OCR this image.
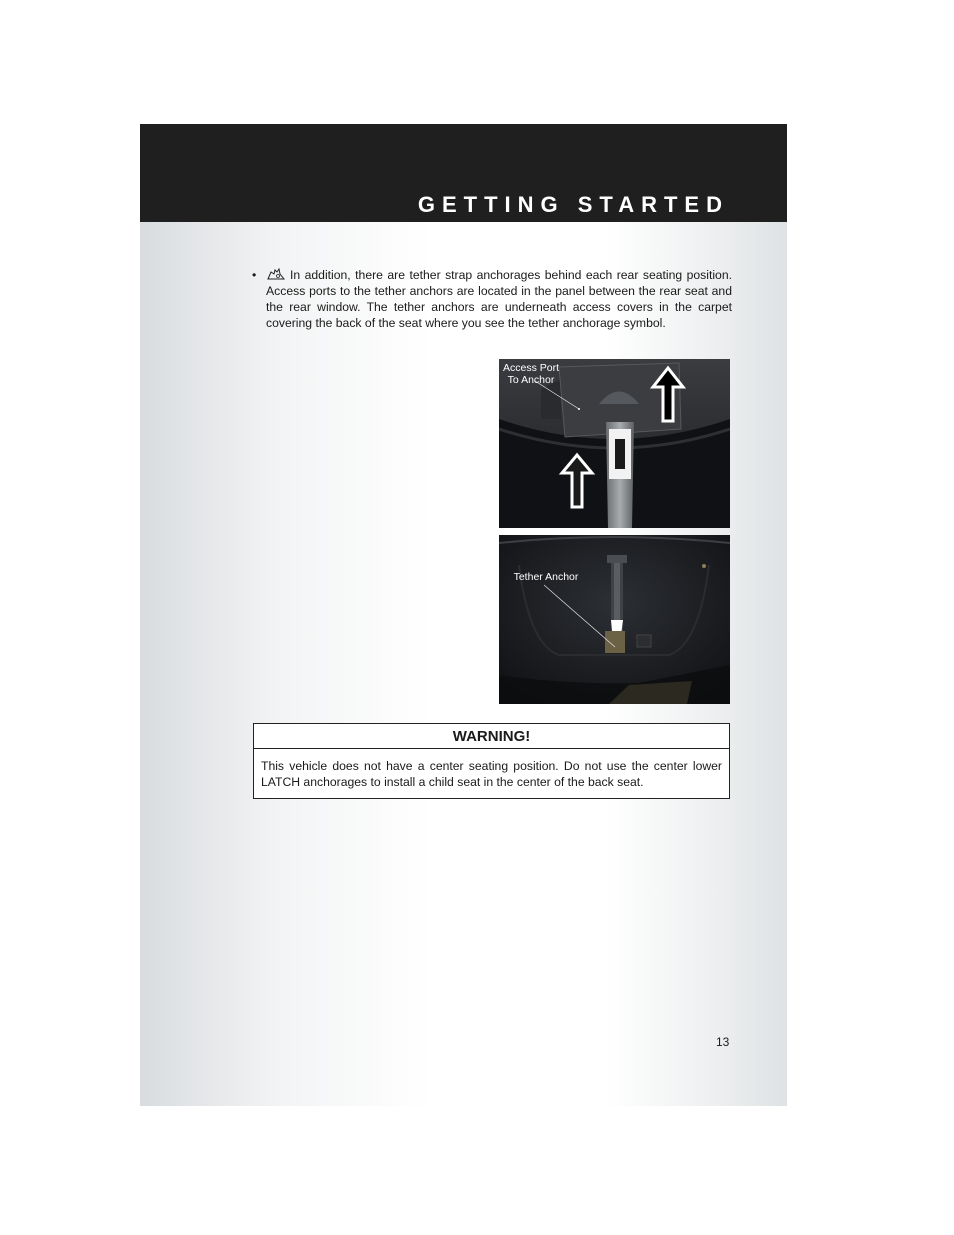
GETTING STARTED
•	In addition, there are tether strap anchorages behind each rear seating position. Access ports to the tether anchors are located in the panel between the rear seat and the rear window. The tether anchors are underneath access covers in the carpet covering the back of the seat where you see the tether anchorage symbol.
Access Port
To Anchor
Tether Anchor
WARNING!
This vehicle does not have a center seating position. Do not use the center lower LATCH anchorages to install a child seat in the center of the back seat.
13
